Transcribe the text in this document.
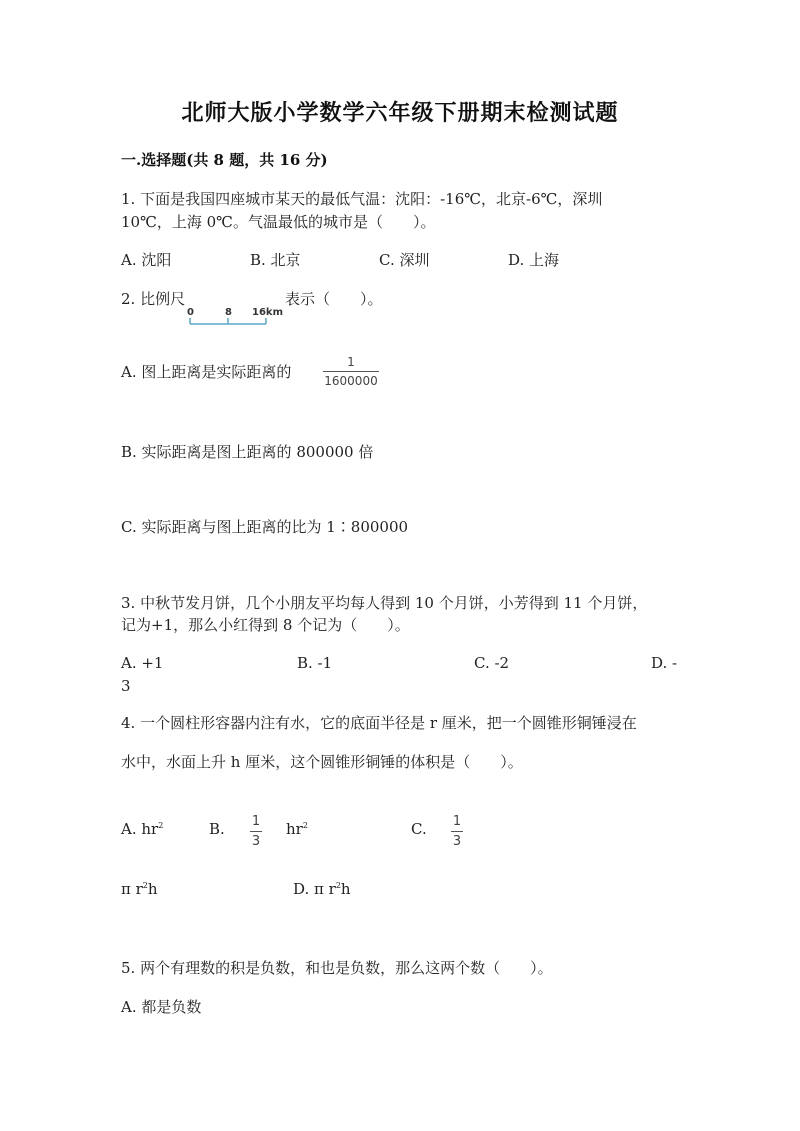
北师大版小学数学六年级下册期末检测试题
一.选择题(共 8 题，共 16 分)
1. 下面是我国四座城市某天的最低气温：沈阳：-16℃，北京-6℃，深圳
10℃，上海 0℃。气温最低的城市是（　　）。
A. 沈阳	B. 北京	C. 深圳	D. 上海
2. 比例尺
0	8 16km
表示（　　）。
A. 图上距离是实际距离的
1
1600000
B. 实际距离是图上距离的 800000 倍
C. 实际距离与图上距离的比为 1∶800000
3. 中秋节发月饼，几个小朋友平均每人得到 10 个月饼，小芳得到 11 个月饼，
记为+1，那么小红得到 8 个记为（　　）。
A. +1	B. -1	C. -2	D. -
3
4. 一个圆柱形容器内注有水，它的底面半径是 r 厘米，把一个圆锥形铜锤浸在
水中，水面上升 h 厘米，这个圆锥形铜锤的体积是（　　）。
A. $hr^2$	B. 1
3
$hr^2$	C. 1
3
π $r^2h$	D. π $r^2h$
5. 两个有理数的积是负数，和也是负数，那么这两个数（　　）。
A. 都是负数
